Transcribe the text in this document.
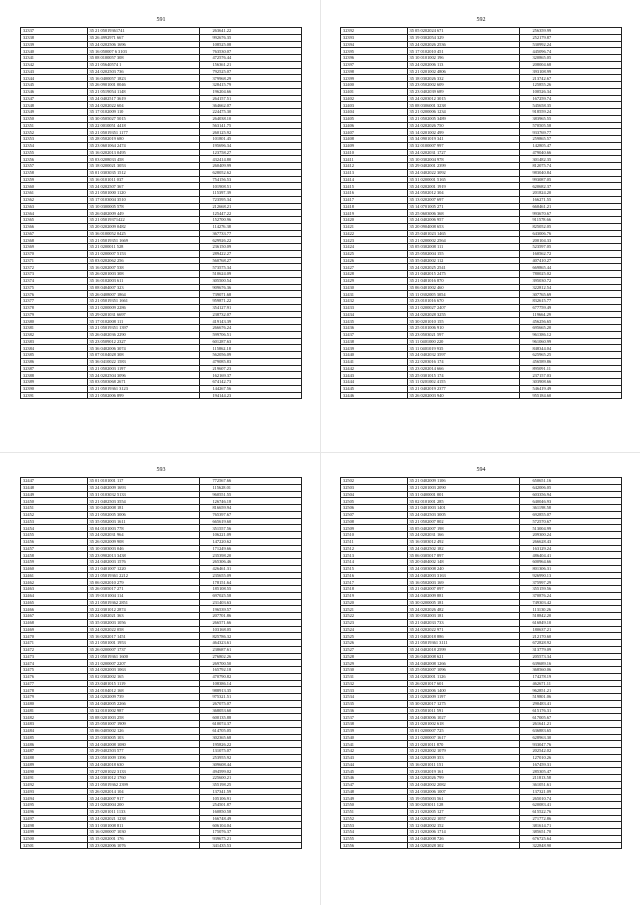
591
32337	35 21 05019361741	263641.22
32338	35 26 4992971 667	992676.35
32339	35 24 0202506 1696	108525.08
32340	35 16 050007 6 3103	763530.07
32341	35 08 0100057 308	472576.44
32342	35 21 05640574 1	156361.21
32343	35 24 0202503 736	792525.07
32344	35 16 0400057 1823	379968.29
32345	35 26 0901001 0046	328415.79
32346	35 21 0519054 1148	196204.66
32347	35 24 0402517 3619	264157.51
32348	35 24 0202022 604	364662.07
32349	35 17 0102009 110	224475.30
32350	35 30 0505027 5015	264038.10
32351	35 22 0010051 4418	563141.75
32352	35 21 05019351 1177	260125.92
32353	35 28 0502019 680	101801.45
32354	35 23 0601064 2474	195696.34
32355	35 16 0202013 0495	123758.27
32356	35 03 0208033 458	432414.80
32357	35 18 0200021 3053	260409.99
32358	35 01 0303035 1512	628052.62
32359	35 16 0101011 037	754156.53
32360	35 24 0202507 367	101908.51
32361	35 21 0501000 1120	115397.39
32362	35 17 0103004 3510	723595.34
32363	35 10 0300005 578	212668.21
32364	35 26 0402009 449	125447.22
32365	35 21 05019371422	152700.96
32366	35 20 0202009 0482	114276.38
32367	35 36 0100052 0425	367733.77
32368	35 21 05019351 1669	629926.22
32369	35 21 0200011 528	236150.09
32370	35 21 0200007 5153	289422.27
32371	35 03 0202062 256	560768.27
32372	35 16 0202007 538	573575.34
32373	35 26 0201003 308	510624.09
32374	35 16 0102003 611	305500.54
32375	35 08 0404007 323	909676.36
32376	35 26 0408007 1864	739071.68
32377	35 21 05019351 1661	959871.22
32378	35 21 0200009 2286	354127.91
32379	35 29 0201031 6697	238732.07
32380	35 17 0102008 111	419143.39
32381	35 21 05019351 1397	266676.24
32382	35 26 0402036 2290	599706.51
32383	35 23 0509012 2327	601287.63
32384	35 36 0402006 3074	115862.18
32385	35 07 0104028 308	562056.09
32386	35 36 0410022 1583	479085.83
32387	35 21 0502003 1197	219607.23
32388	35 24 0202504 3096	162169.37
32389	35 03 0503068 2671	674142.73
32390	35 21 05019361 3123	144267.56
32391	35 21 0502006 899	194144.23
592
32392	35 05 0202024 671	256359.99
32393	35 19 0302054 329	252179.87
32394	35 24 0202026 2536	530992.24
32395	35 17 0102010 451	445096.74
32396	35 10 0101002 196	320865.05
32397	35 24 0202006 113	208004.68
32398	35 21 0201002 4806	393108.99
32399	35 18 0302026 332	213742.67
32400	35 23 0502002 609	125855.26
32401	35 23 0402039 689	100526.34
32402	35 24 0203012 3015	167259.74
32403	35 08 0306001 3238	545658.35
32404	35 21 0200006 1234	918559.24
32405	35 21 0502005 3489	383965.55
32406	35 24 0202026 750	570505.58
32407	35 14 0201002 499	933769.77
32408	35 34 0901019 341	259865.57
32409	35 32 0100007 997	142805.47
32410	35 24 0202031 1727	479040.66
32411	35 10 0302004 978	301482.35
32412	35 29 0402001 2399	812075.74
32413	35 24 0402022 3092	983040.84
32414	35 31 0200001 5165	993087.05
32415	35 24 0202001 1919	620682.37
32416	35 24 0502012 304	201824.20
32417	35 13 0202007 697	166271.55
32418	35 14 0701005 271	660461.21
32419	35 25 0603006 368	993670.67
32420	35 24 0402006 957	911578.66
32421	35 20 0904008 653	825052.05
32422	35 25 0401023 1465	643006.76
32423	35 21 0200002 2564	200104.33
32424	35 05 0302008 111	523597.05
32425	35 25 0502004 155	160562.72
32426	35 35 0402002 112	407410.27
32427	35 24 0202025 2541	669865.44
32428	35 21 0402015 2475	780025.02
32429	35 21 0401016 870	395030.72
32430	35 06 0401002 460	322812.54
32431	35 11 0302005 3054	307765.69
32432	35 23 0101016 670	832615.77
32433	35 21 0200027 2407	677759.49
32434	35 24 0202028 3255	119664.29
32435	35 30 0201010 155	456256.65
32436	35 25 0101006 910	695665.20
32437	35 23 0503021 597	961386.12
32438	35 11 0401000 220	961060.99
32439	35 11 0401019 935	848344.04
32440	35 24 0402032 3597	625965.25
32441	35 22 0203016 174	456589.86
32442	35 23 0202014 666	895091.11
32443	35 25 0301015 174	237157.03
32444	35 11 0201002 4155	303908.66
32445	35 21 0402019 2377	546419.49
32446	35 26 0202003 940	955184.60
593
32447	35 01 0101001 117	772567.66
32448	35 24 0402009 1693	115628.01
32449	35 31 0103032 5133	960551.55
32450	35 21 0402503 3554	126746.18
32451	35 10 0402008 181	816659.94
32452	35 21 0502005 3006	765397.67
32453	35 35 0502003 1611	665619.60
32454	35 04 0101003 778	351557.56
32455	35 24 0202031 964	106221.09
32456	35 26 0202009 908	147220.62
32457	35 10 0303003 046	171249.66
32458	35 23 0902013 3438	235398.20
32459	35 24 0402003 1576	265306.46
32460	35 21 0401007 1220	426461.31
32461	35 21 05019361 2212	235655.09
32462	35 06 0202010 279	178151.64
32463	35 26 0305017 271	185108.55
32464	35 19 0101004 114	697025.58
32465	35 21 05019362 2851	231403.63
32466	35 22 0301012 2874	196539.57
32467	35 24 0402021 363	207701.86
32468	35 35 0302003 1056	266571.66
32469	35 24 0202022 058	103168.05
32470	35 16 0202017 1451	825786.32
32471	35 21 0501001 1953	464323.61
32472	35 26 0200007 1737	238687.61
32473	35 21 05019361 1600	276802.26
32474	35 21 0200007 2207	269700.50
32475	35 24 0202003 1063	165792.18
32476	35 02 0302002 165	470790.82
32477	35 23 0401015 1119	108386.14
32478	35 24 0104012 168	988913.35
32479	35 24 0202009 739	975321.51
32480	35 24 0402005 2266	267075.07
32481	35 32 0101002 987	368053.60
32482	35 08 0201003 258	600135.88
32483	35 25 0501007 1909	610074.37
32484	35 06 0405002 126	614705.05
32485	35 25 0303005 103	302365.68
32486	35 24 0402008 1080	195826.22
32487	35 29 0402503 577	131075.07
32488	35 23 0501009 1396	253955.92
32489	35 24 0402018 630	309608.44
32490	35 27 0201022 3133	494599.02
32491	35 24 0301012 1760	225600.21
32492	35 21 05019362 2399	355198.25
32493	35 26 0202014 104	137341.59
32494	35 24 0402007 917	105106.91
32495	35 21 0202004 200	254501.87
32496	35 25 0201011 1133	160850.58
32497	35 24 0202021 1238	166748.49
32498	35 31 0301008 811	606104.04
32499	35 16 0200007 1030	175076.37
32500	35 15 0202001 176	939675.21
32501	35 23 0202006 1076	341435.53
594
32502	35 21 0402009 1106	650651.16
32503	35 21 0201003 2090	642006.05
32504	35 31 0400001 001	603356.94
32505	35 02 0101001 285	640046.93
32506	35 21 0401003 1401	361198.58
32507	35 24 0402503 3005	692855.07
32508	35 21 0502007 802	572570.67
32509	35 05 0402007 198	513004.99
32510	35 24 0202031 166	209300.24
32511	35 16 0303012 492	266628.43
32512	35 24 0402502 182	163129.24
32513	35 06 0305017 897	486404.41
32514	35 20 0404002 148	600964.66
32515	35 24 0303008 240	801306.31
32516	35 24 0402003 3163	926990.13
32517	35 16 0502003 169	375997.29
32518	35 21 0402007 097	355159.56
32519	35 24 0402009 881	370876.24
32520	35 30 0200005 181	749303.42
32521	35 24 0202026 482	113130.26
32522	35 10 0302003 181	518842.20
32523	35 21 0402033 733	616849.10
32524	35 24 0202022 971	180637.21
32525	35 21 0402018 886	212170.60
32526	35 21 05019361 3111	672828.92
32527	35 24 0402018 2599	313779.09
32528	35 26 0402008 621	205573.34
32529	35 24 0402008 1266	639689.16
32530	35 25 0502007 1096	368560.06
32531	35 24 0202001 1126	174278.19
32532	35 26 0201017 601	462671.11
32533	35 21 0202006 1400	962851.21
32534	35 21 0202009 1197	519801.06
32535	35 30 0202017 1275	290483.41
32536	35 23 0501011 591	615176.31
32537	35 24 0403006 1027	617005.67
32538	35 21 0201002 618	261641.21
32539	35 01 0200007 725	636883.65
32540	35 21 0200007 1617	628963.30
32541	35 21 0201011 870	933047.76
32542	35 21 0202002 1079	202542.02
32543	35 24 0202009 353	127010.26
32544	35 16 0201011 151	167459.31
32545	35 23 0302019 161	285305.47
32546	35 24 0202026 799	211813.58
32547	35 24 0402002 2082	361051.61
32548	35 24 0302006 1007	137321.09
32549	35 19 0505003 561	265010.74
32550	35 30 0203011 128	620083.41
32551	35 21 0202005 127	615522.76
32552	35 24 0202022 1057	271772.86
32553	35 12 0402002 152	381614.71
32554	35 21 0202006 1714	385651.70
32555	35 24 0402008 726	676725.64
32556	35 24 0202028 302	322848.90
